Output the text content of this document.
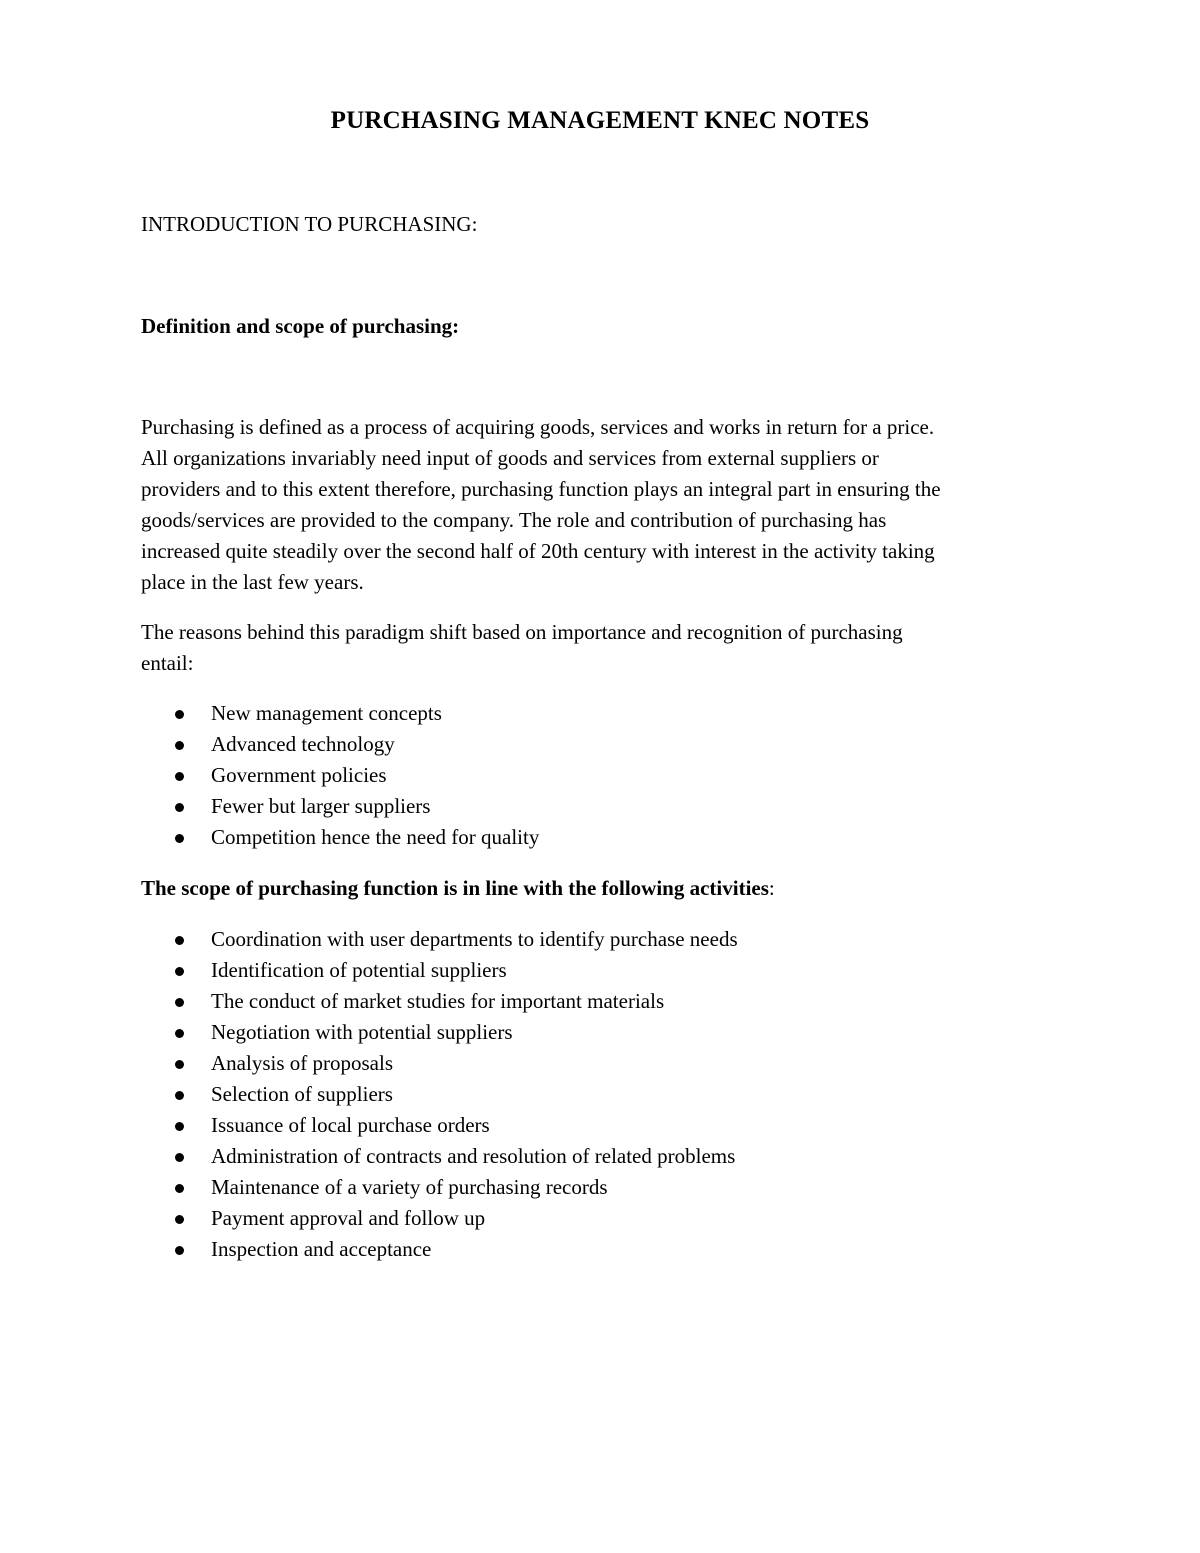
PURCHASING MANAGEMENT KNEC NOTES
INTRODUCTION TO PURCHASING:
Definition and scope of purchasing:
Purchasing is defined as a process of acquiring goods, services and works in return for a price.
All organizations invariably need input of goods and services from external suppliers or
providers and to this extent therefore, purchasing function plays an integral part in ensuring the
goods/services are provided to the company. The role and contribution of purchasing has
increased quite steadily over the second half of 20th century with interest in the activity taking
place in the last few years.
The reasons behind this paradigm shift based on importance and recognition of purchasing
entail:
New management concepts
Advanced technology
Government policies
Fewer but larger suppliers
Competition hence the need for quality
The scope of purchasing function is in line with the following activities:
Coordination with user departments to identify purchase needs
Identification of potential suppliers
The conduct of market studies for important materials
Negotiation with potential suppliers
Analysis of proposals
Selection of suppliers
Issuance of local purchase orders
Administration of contracts and resolution of related problems
Maintenance of a variety of purchasing records
Payment approval and follow up
Inspection and acceptance
